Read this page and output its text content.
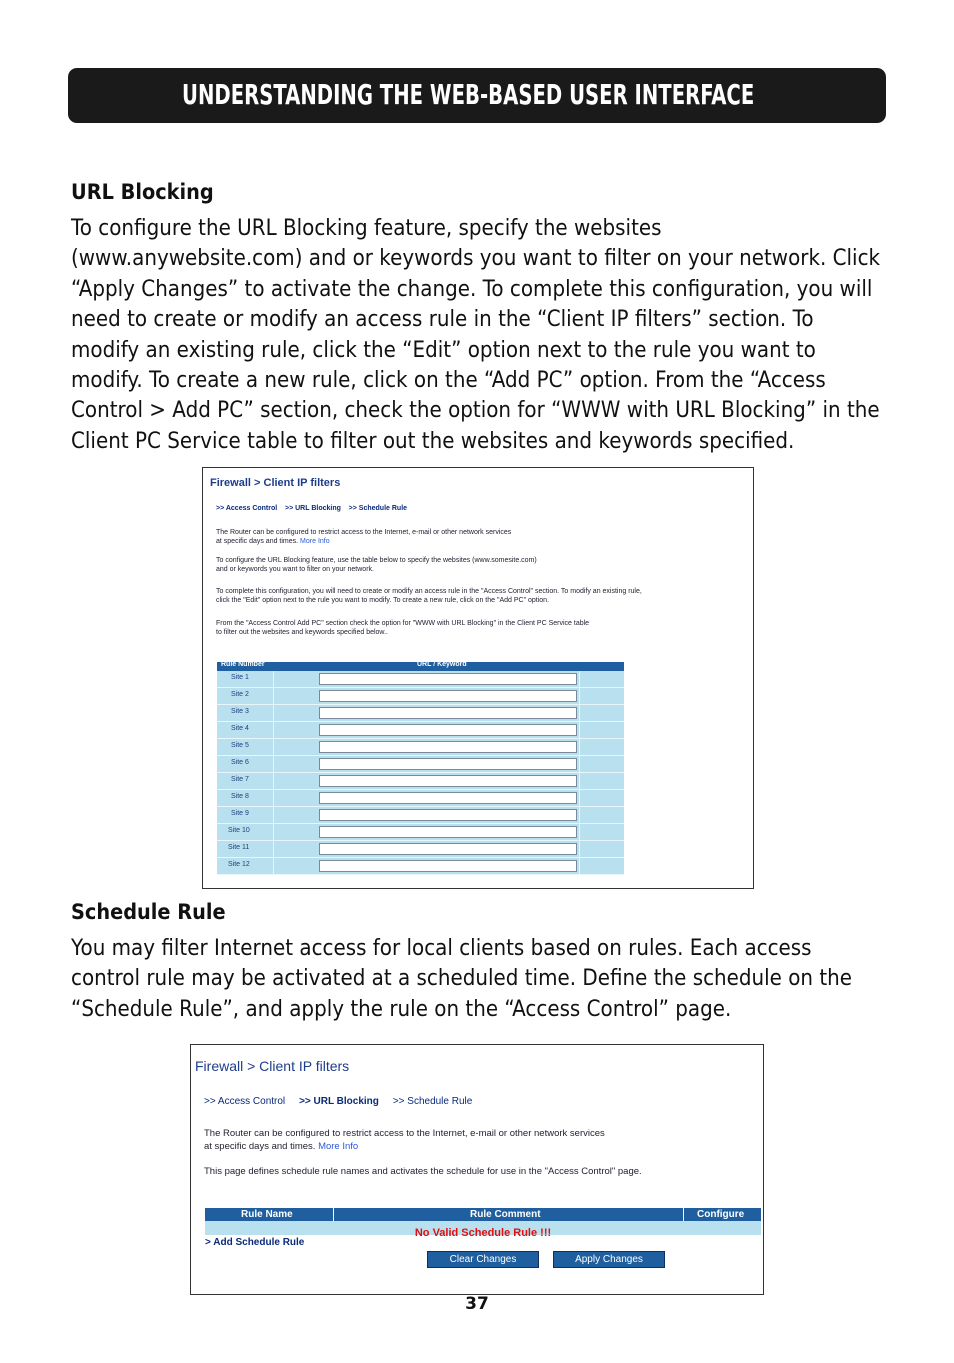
UNDERSTANDING THE WEB-BASED USER INTERFACE
URL Blocking
To configure the URL Blocking feature, specify the websites
(www.anywebsite.com) and or keywords you want to filter on your network. Click
“Apply Changes” to activate the change. To complete this configuration, you will
need to create or modify an access rule in the “Client IP filters” section. To
modify an existing rule, click the “Edit” option next to the rule you want to
modify. To create a new rule, click on the “Add PC” option. From the “Access
Control > Add PC” section, check the option for “WWW with URL Blocking” in the
Client PC Service table to filter out the websites and keywords specified.
Firewall > Client IP filters
>> Access Control >> URL Blocking >> Schedule Rule
The Router can be configured to restrict access to the Internet, e-mail or other network services
at specific days and times. More Info
To configure the URL Blocking feature, use the table below to specify the websites (www.somesite.com)
and or keywords you want to filter on your network.
To complete this configuration, you will need to create or modify an access rule in the "Access Control" section. To modify an existing rule,
click the "Edit" option next to the rule you want to modify. To create a new rule, click on the "Add PC" option.
From the "Access Control Add PC" section check the option for "WWW with URL Blocking" in the Client PC Service table
to filter out the websites and keywords specified below..
Rule Number	URL / Keyword
Site 1
Site 2
Site 3
Site 4
Site 5
Site 6
Site 7
Site 8
Site 9
Site 10
Site 11
Site 12
Schedule Rule
You may filter Internet access for local clients based on rules. Each access
control rule may be activated at a scheduled time. Define the schedule on the
“Schedule Rule”, and apply the rule on the “Access Control” page.
Firewall > Client IP filters
>> Access Control >> URL Blocking >> Schedule Rule
The Router can be configured to restrict access to the Internet, e-mail or other network services
at specific days and times. More Info
This page defines schedule rule names and activates the schedule for use in the "Access Control" page.
Rule Name	Rule Comment	Configure
No Valid Schedule Rule !!!
> Add Schedule Rule
Clear Changes	Apply Changes
37
